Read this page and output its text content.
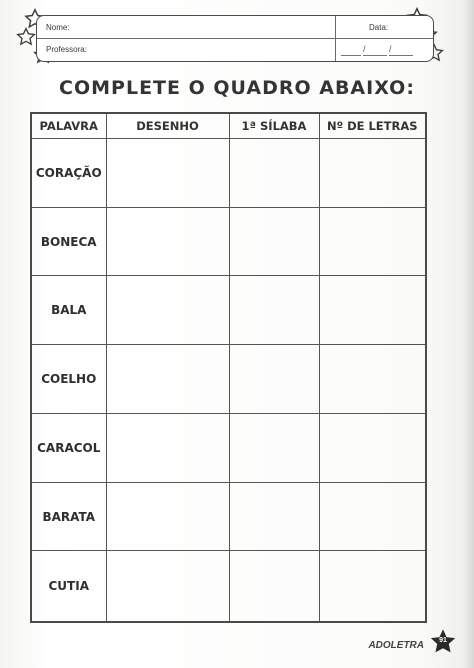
Nome:
Professora:
Data:
/	/
COMPLETE O QUADRO ABAIXO:
PALAVRA	DESENHO	1ª SÍLABA	Nº DE LETRAS
CORAÇÃO			
BONECA			
BALA			
COELHO			
CARACOL			
BARATA			
CUTIA			
ADOLETRA	91
